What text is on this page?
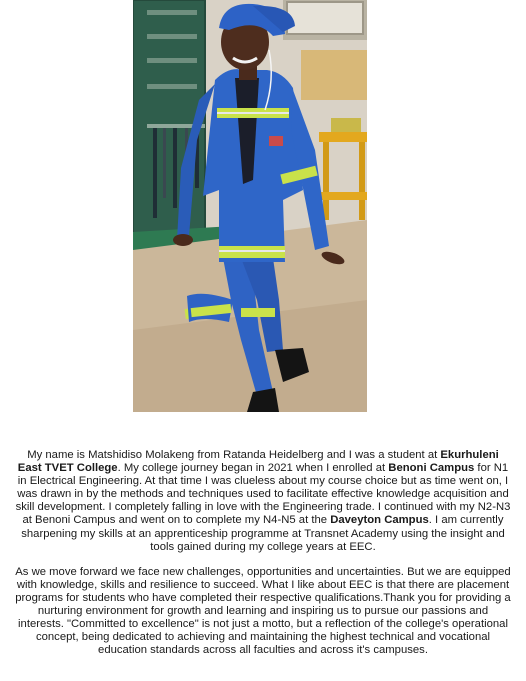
My name is Matshidiso Molakeng from Ratanda Heidelberg and I was a student at Ekurhuleni East TVET College. My college journey began in 2021 when I enrolled at Benoni Campus for N1 in Electrical Engineering. At that time I was clueless about my course choice but as time went on, I was drawn in by the methods and techniques used to facilitate effective knowledge acquisition and skill development. I completely falling in love with the Engineering trade. I continued with my N2-N3 at Benoni Campus and went on to complete my N4-N5 at the Daveyton Campus. I am currently sharpening my skills at an apprenticeship programme at Transnet Academy using the insight and tools gained during my college years at EEC.

As we move forward we face new challenges, opportunities and uncertainties. But we are equipped with knowledge, skills and resilience to succeed. What I like about EEC is that there are placement programs for students who have completed their respective qualifications.Thank you for providing a nurturing environment for growth and learning and inspiring us to pursue our passions and interests. "Committed to excellence" is not just a motto, but a reflection of the college's operational concept, being dedicated to achieving and maintaining the highest technical and vocational education standards across all faculties and across it's campuses.
